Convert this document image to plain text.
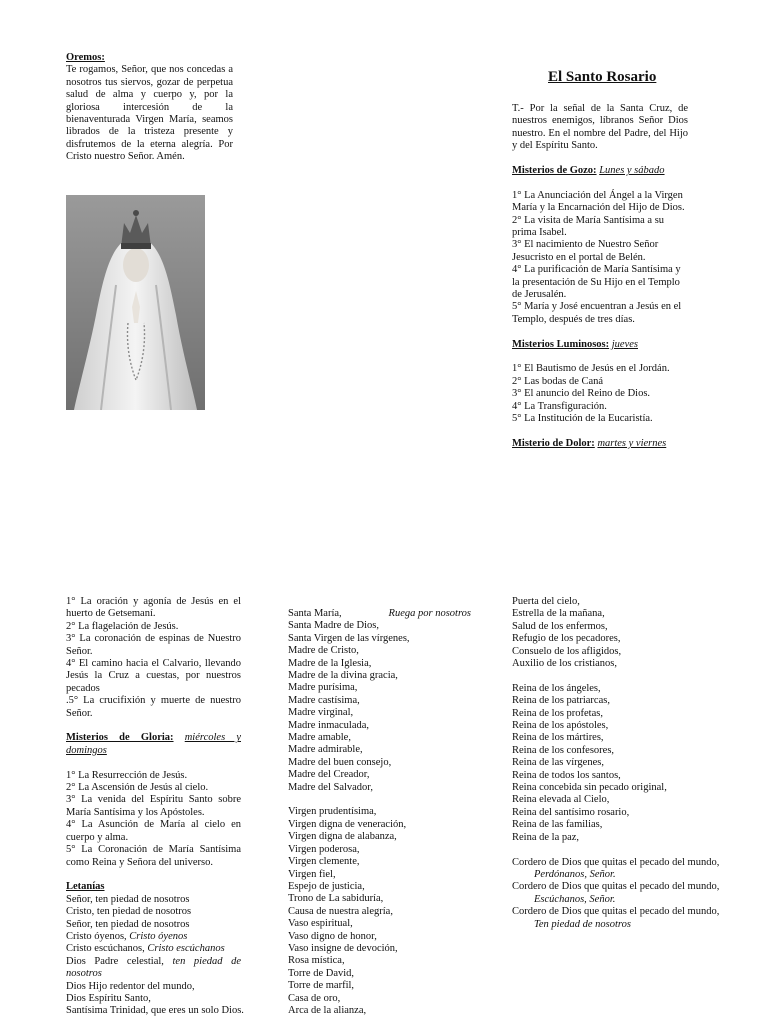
Oremos:

Te rogamos, Señor, que nos concedas a nosotros tus siervos, gozar de perpetua salud de alma y cuerpo y, por la gloriosa intercesión de la bienaventurada Virgen María, seamos librados de la tristeza presente y disfrutemos de la eterna alegría. Por Cristo nuestro Señor. Amén.

El Santo Rosario

T.- Por la señal de la Santa Cruz, de nuestros enemigos, líbranos Señor Dios nuestro. En el nombre del Padre, del Hijo y del Espíritu Santo.

Misterios de Gozo: Lunes y sábado

1° La Anunciación del Ángel a la Virgen María y la Encarnación del Hijo de Dios.

2° La visita de María Santísima a su prima Isabel.

3° El nacimiento de Nuestro Señor Jesucristo en el portal de Belén.

4° La purificación de María Santísima y la presentación de Su Hijo en el Templo de Jerusalén.

5° María y José encuentran a Jesús en el Templo, después de tres días.

Misterios Luminosos: jueves

1° El Bautismo de Jesús en el Jordán.

2° Las bodas de Caná

3° El anuncio del Reino de Dios.

4° La Transfiguración.

5° La Institución de la Eucaristía.

Misterio de Dolor: martes y viernes

1° La oración y agonía de Jesús en el huerto de Getsemaní.

2° La flagelación de Jesús.

3° La coronación de espinas de Nuestro Señor.

4° El camino hacia el Calvario, llevando Jesús la Cruz a cuestas, por nuestros pecados

.5° La crucifixión y muerte de nuestro Señor.

Misterios de Gloria: miércoles y domingos

1° La Resurrección de Jesús.

2° La Ascensión de Jesús al cielo.

3° La venida del Espíritu Santo sobre María Santísima y los Apóstoles.

4° La Asunción de María al cielo en cuerpo y alma.

5° La Coronación de María Santísima como Reina y Señora del universo.

Letanías

Señor, ten piedad de nosotros

Cristo, ten piedad de nosotros

Señor, ten piedad de nosotros

Cristo óyenos, Cristo óyenos

Cristo escúchanos, Cristo escúchanos

Dios Padre celestial, ten piedad de nosotros

Dios Hijo redentor del mundo,

Dios Espíritu Santo,

Santísima Trinidad, que eres un solo Dios.

Santa María,	Ruega por nosotros

Santa Madre de Dios,

Santa Virgen de las vírgenes,

Madre de Cristo,

Madre de la Iglesia,

Madre de la divina gracia,

Madre purísima,

Madre castísima,

Madre virginal,

Madre inmaculada,

Madre amable,

Madre admirable,

Madre del buen consejo,

Madre del Creador,

Madre del Salvador,

Virgen prudentísima,

Virgen digna de veneración,

Virgen digna de alabanza,

Virgen poderosa,

Virgen clemente,

Virgen fiel,

Espejo de justicia,

Trono de La sabiduría,

Causa de nuestra alegría,

Vaso espiritual,

Vaso digno de honor,

Vaso insigne de devoción,

Rosa mística,

Torre de David,

Torre de marfil,

Casa de oro,

Arca de la alianza,

Puerta del cielo,

Estrella de la mañana,

Salud de los enfermos,

Refugio de los pecadores,

Consuelo de los afligidos,

Auxilio de los cristianos,

Reina de los ángeles,

Reina de los patriarcas,

Reina de los profetas,

Reina de los apóstoles,

Reina de los mártires,

Reina de los confesores,

Reina de las vírgenes,

Reina de todos los santos,

Reina concebida sin pecado original,

Reina elevada al Cielo,

Reina del santísimo rosario,

Reina de las familias,

Reina de la paz,

Cordero de Dios que quitas el pecado del mundo,

Perdónanos, Señor.

Cordero de Dios que quitas el pecado del mundo,

Escúchanos, Señor.

Cordero de Dios que quitas el pecado del mundo,

Ten piedad de nosotros
